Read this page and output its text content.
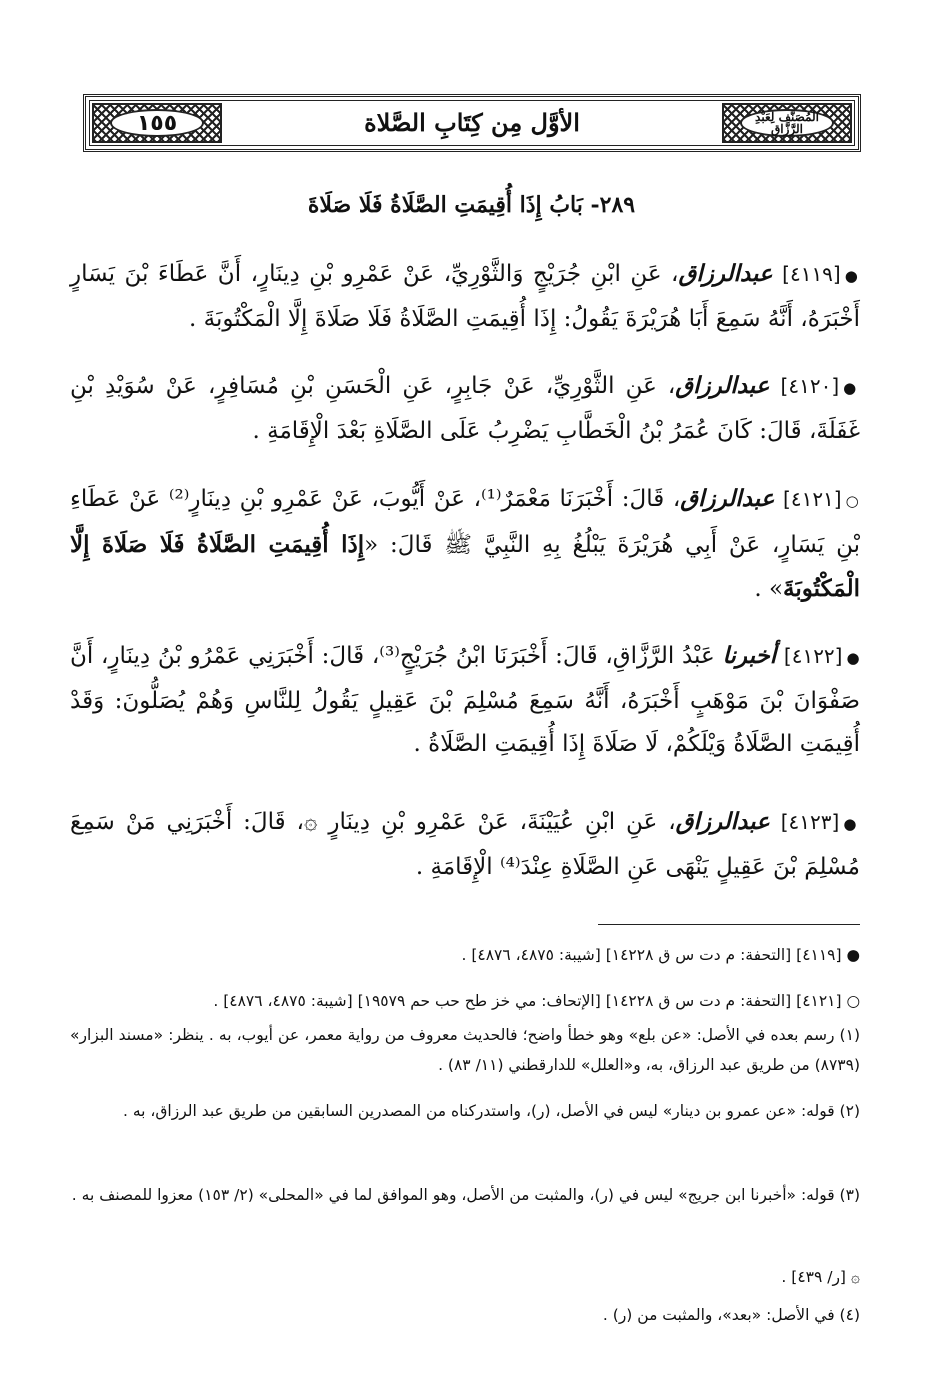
المُصَنَّف لِعَبْدِ الرَّزَّاق
الأوَّل مِن كِتَابِ الصَّلاة
١٥٥
٢٨٩- بَابُ إِذَا أُقِيمَتِ الصَّلَاةُ فَلَا صَلَاةَ
●[٤١١٩] عبدالرزاق، عَنِ ابْنِ جُرَيْجٍ وَالثَّوْرِيِّ، عَنْ عَمْرِو بْنِ دِينَارٍ، أَنَّ عَطَاءَ بْنَ يَسَارٍ أَخْبَرَهُ، أَنَّهُ سَمِعَ أَبَا هُرَيْرَةَ يَقُولُ: إِذَا أُقِيمَتِ الصَّلَاةُ فَلَا صَلَاةَ إِلَّا الْمَكْتُوبَةَ .
●[٤١٢٠] عبدالرزاق، عَنِ الثَّوْرِيِّ، عَنْ جَابِرٍ، عَنِ الْحَسَنِ بْنِ مُسَافِرٍ، عَنْ سُوَيْدِ بْنِ غَفَلَةَ، قَالَ: كَانَ عُمَرُ بْنُ الْخَطَّابِ يَضْرِبُ عَلَى الصَّلَاةِ بَعْدَ الْإِقَامَةِ .
○[٤١٢١] عبدالرزاق، قَالَ: أَخْبَرَنَا مَعْمَرٌ⁽¹⁾، عَنْ أَيُّوبَ، عَنْ عَمْرِو بْنِ دِينَارٍ⁽²⁾ عَنْ عَطَاءِ بْنِ يَسَارٍ، عَنْ أَبِي هُرَيْرَةَ يَبْلُغُ بِهِ النَّبِيَّ ﷺ قَالَ: «إِذَا أُقِيمَتِ الصَّلَاةُ فَلَا صَلَاةَ إِلَّا الْمَكْتُوبَةَ» .
●[٤١٢٢] أخبرنا عَبْدُ الرَّزَّاقِ، قَالَ: أَخْبَرَنَا ابْنُ جُرَيْجٍ⁽³⁾، قَالَ: أَخْبَرَنِي عَمْرُو بْنُ دِينَارٍ، أَنَّ صَفْوَانَ بْنَ مَوْهَبٍ أَخْبَرَهُ، أَنَّهُ سَمِعَ مُسْلِمَ بْنَ عَقِيلٍ يَقُولُ لِلنَّاسِ وَهُمْ يُصَلُّونَ: وَقَدْ أُقِيمَتِ الصَّلَاةُ وَيْلَكُمْ، لَا صَلَاةَ إِذَا أُقِيمَتِ الصَّلَاةُ .
●[٤١٢٣] عبدالرزاق، عَنِ ابْنِ عُيَيْنَةَ، عَنْ عَمْرِو بْنِ دِينَارٍ ۞، قَالَ: أَخْبَرَنِي مَنْ سَمِعَ مُسْلِمَ بْنَ عَقِيلٍ يَنْهَى عَنِ الصَّلَاةِ عِنْدَ⁽⁴⁾ الْإِقَامَةِ .
● [٤١١٩] [التحفة: م دت س ق ١٤٢٢٨] [شيبة: ٤٨٧٥، ٤٨٧٦] .
○ [٤١٢١] [التحفة: م دت س ق ١٤٢٢٨] [الإتحاف: مي خز طح حب حم ١٩٥٧٩] [شيبة: ٤٨٧٥، ٤٨٧٦] .
(١) رسم بعده في الأصل: «عن بلع» وهو خطأ واضح؛ فالحديث معروف من رواية معمر، عن أيوب، به . ينظر: «مسند البزار» (٨٧٣٩) من طريق عبد الرزاق، به، و«العلل» للدارقطني (١١/ ٨٣) .
(٢) قوله: «عن عمرو بن دينار» ليس في الأصل، (ر)، واستدركناه من المصدرين السابقين من طريق عبد الرزاق، به .
(٣) قوله: «أخبرنا ابن جريج» ليس في (ر)، والمثبت من الأصل، وهو الموافق لما في «المحلى» (٢/ ١٥٣) معزوا للمصنف به .
۞ [ر/ ٤٣٩] .
(٤) في الأصل: «بعد»، والمثبت من (ر) .
